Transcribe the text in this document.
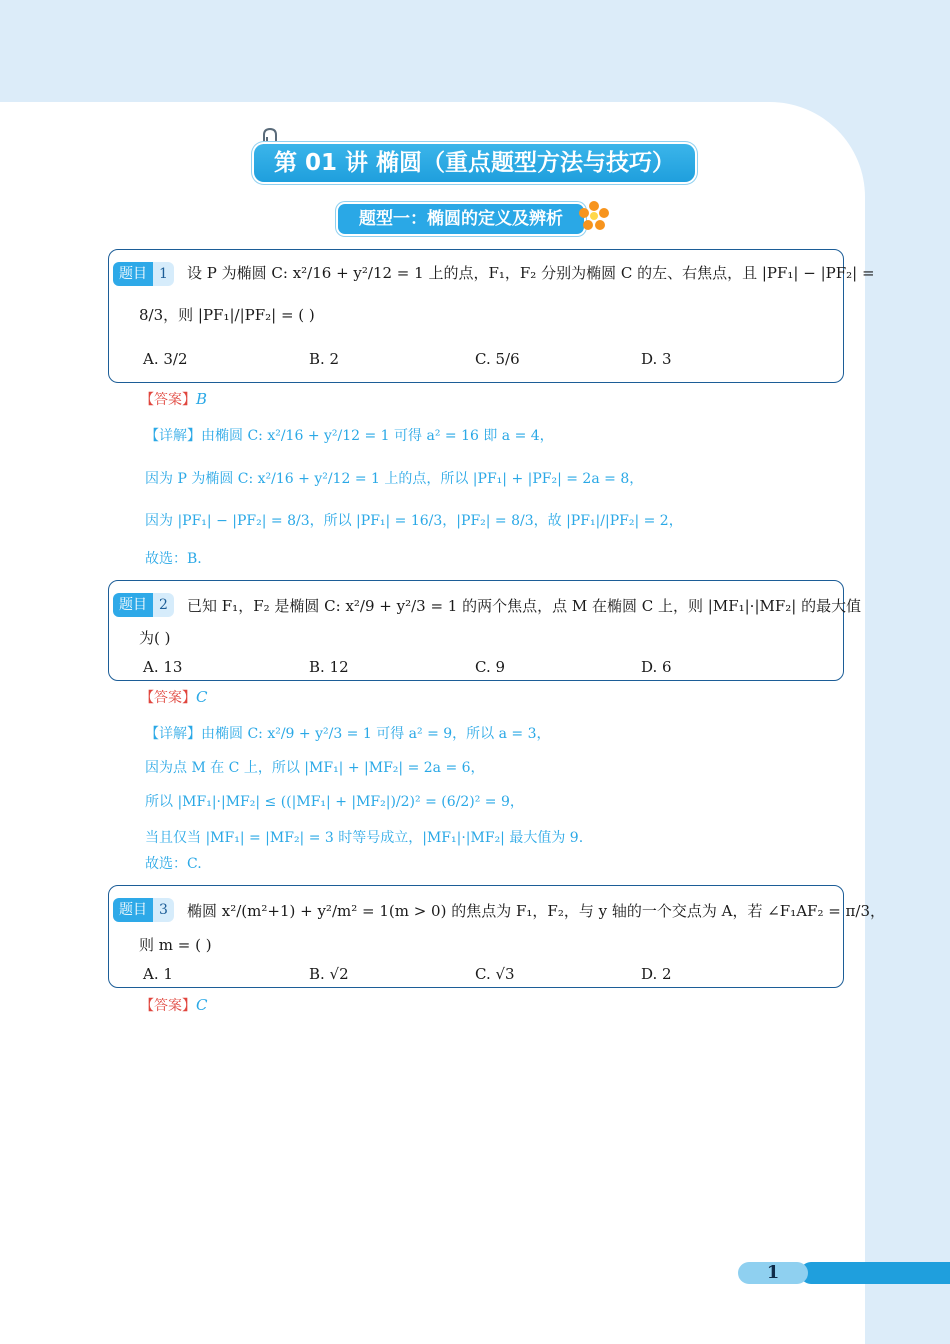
第 01 讲 椭圆（重点题型方法与技巧）
题型一：椭圆的定义及辨析
题目 1	设 P 为椭圆 C: x²/16 + y²/12 = 1 上的点，F₁，F₂ 分别为椭圆 C 的左、右焦点，且 |PF₁| − |PF₂| =
8/3，则 |PF₁|/|PF₂| = ( )
A. 3/2	B. 2	C. 5/6	D. 3
【答案】B
【详解】由椭圆 C: x²/16 + y²/12 = 1 可得 a² = 16 即 a = 4，
因为 P 为椭圆 C: x²/16 + y²/12 = 1 上的点，所以 |PF₁| + |PF₂| = 2a = 8，
因为 |PF₁| − |PF₂| = 8/3，所以 |PF₁| = 16/3，|PF₂| = 8/3，故 |PF₁|/|PF₂| = 2，
故选：B.
题目 2	已知 F₁，F₂ 是椭圆 C: x²/9 + y²/3 = 1 的两个焦点，点 M 在椭圆 C 上，则 |MF₁|·|MF₂| 的最大值
为( )
A. 13	B. 12	C. 9	D. 6
【答案】C
【详解】由椭圆 C: x²/9 + y²/3 = 1 可得 a² = 9，所以 a = 3，
因为点 M 在 C 上，所以 |MF₁| + |MF₂| = 2a = 6，
所以 |MF₁|·|MF₂| ≤ ((|MF₁| + |MF₂|)/2)² = (6/2)² = 9，
当且仅当 |MF₁| = |MF₂| = 3 时等号成立，|MF₁|·|MF₂| 最大值为 9.
故选：C.
题目 3	椭圆 x²/(m²+1) + y²/m² = 1(m > 0) 的焦点为 F₁，F₂，与 y 轴的一个交点为 A，若 ∠F₁AF₂ = π/3，
则 m = ( )
A. 1	B. √2	C. √3	D. 2
【答案】C
1
